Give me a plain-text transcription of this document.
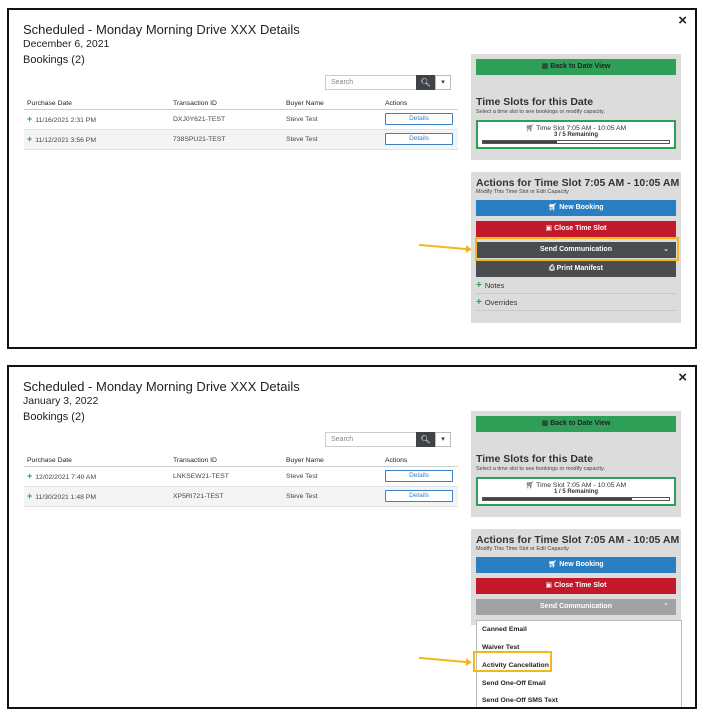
×
Scheduled - Monday Morning Drive XXX Details
December 6, 2021
Bookings (2)
Search	🔍︎	▾
Purchase Date	Transaction ID	Buyer Name	Actions
+ 11/16/2021 2:31 PM	DXJ0Y621-TEST	Steve Test	Details
+ 11/12/2021 3:56 PM	738SPU21-TEST	Steve Test	Details
▦ Back to Date View
Time Slots for this Date
Select a time slot to see bookings or modify capacity.
🛒︎ Time Slot 7:05 AM - 10:05 AM
3 / 5 Remaining
Actions for Time Slot 7:05 AM - 10:05 AM
Modify This Time Slot or Edit Capacity
🛒︎ New Booking
▣ Close Time Slot
Send Communication	⌄
⎙ Print Manifest
+ Notes
+ Overrides
×
Scheduled - Monday Morning Drive XXX Details
January 3, 2022
Bookings (2)
Search	🔍︎	▾
Purchase Date	Transaction ID	Buyer Name	Actions
+ 12/02/2021 7:40 AM	LNKSEW21-TEST	Steve Test	Details
+ 11/30/2021 1:48 PM	XP5RI721-TEST	Steve Test	Details
▦ Back to Date View
Time Slots for this Date
Select a time slot to see bookings or modify capacity.
🛒︎ Time Slot 7:05 AM - 10:05 AM
1 / 5 Remaining
Actions for Time Slot 7:05 AM - 10:05 AM
Modify This Time Slot or Edit Capacity
🛒︎ New Booking
▣ Close Time Slot
Send Communication	⌃
Canned Email
Waiver Test
Activity Cancellation
Send One-Off Email
Send One-Off SMS Text
